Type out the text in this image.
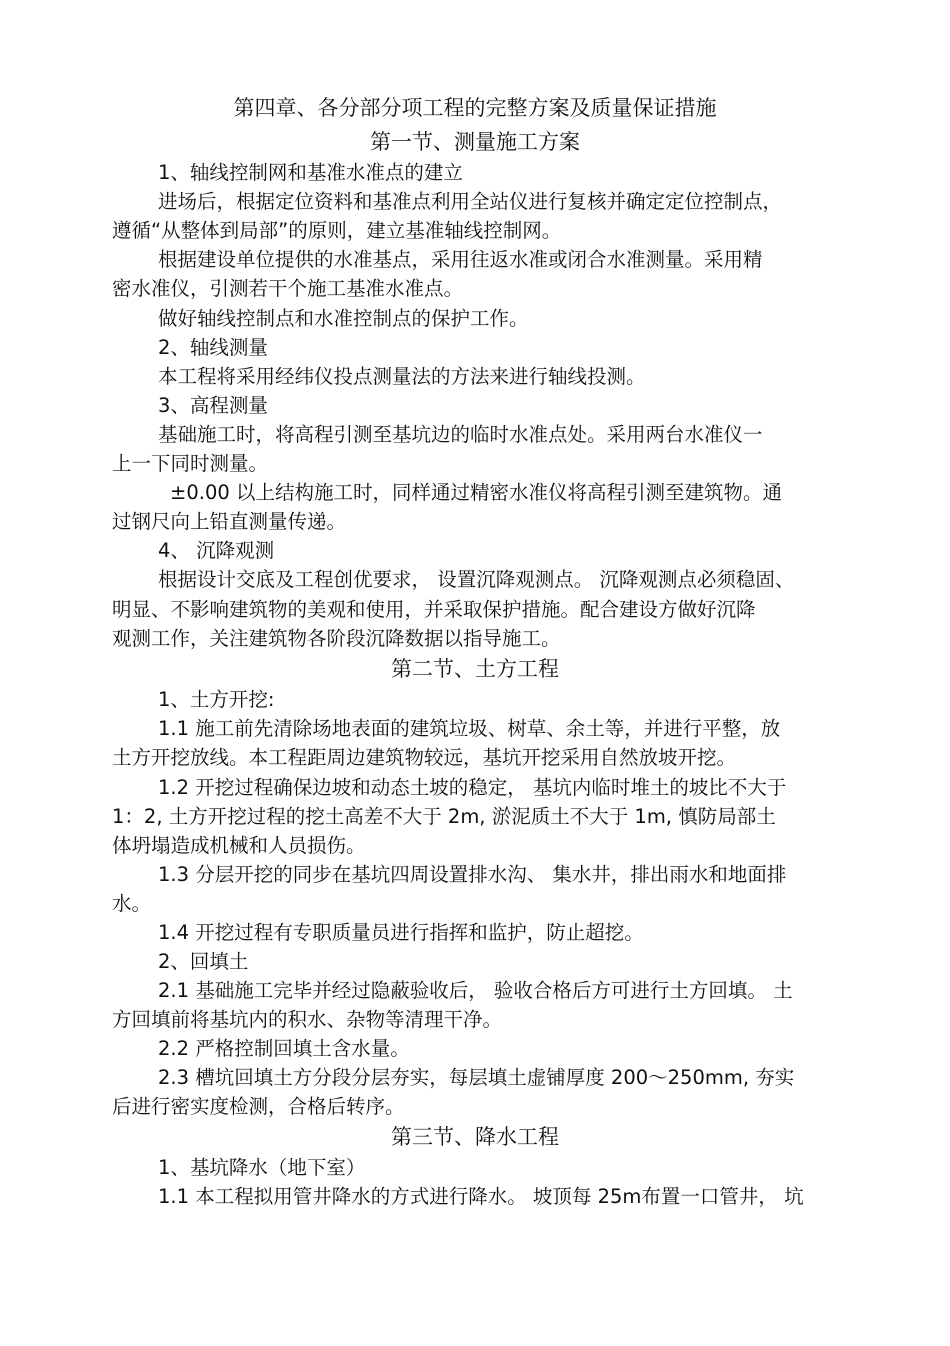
第四章、各分部分项工程的完整方案及质量保证措施
第一节、测量施工方案
1、轴线控制网和基准水准点的建立
进场后，根据定位资料和基准点利用全站仪进行复核并确定定位控制点，
遵循“从整体到局部”的原则，建立基准轴线控制网。
根据建设单位提供的水准基点，采用往返水准或闭合水准测量。采用精
密水准仪，引测若干个施工基准水准点。
做好轴线控制点和水准控制点的保护工作。
2、轴线测量
本工程将采用经纬仪投点测量法的方法来进行轴线投测。
3、高程测量
基础施工时，将高程引测至基坑边的临时水准点处。采用两台水准仪一
上一下同时测量。
±0.00 以上结构施工时，同样通过精密水准仪将高程引测至建筑物。通
过钢尺向上铅直测量传递。
4、 沉降观测
根据设计交底及工程创优要求， 设置沉降观测点。 沉降观测点必须稳固、
明显、不影响建筑物的美观和使用，并采取保护措施。配合建设方做好沉降
观测工作，关注建筑物各阶段沉降数据以指导施工。
第二节、土方工程
1、土方开挖:
1.1 施工前先清除场地表面的建筑垃圾、树草、余土等，并进行平整，放
土方开挖放线。本工程距周边建筑物较远，基坑开挖采用自然放坡开挖。
1.2 开挖过程确保边坡和动态土坡的稳定， 基坑内临时堆土的坡比不大于
1：2, 土方开挖过程的挖土高差不大于 2m, 淤泥质土不大于 1m, 慎防局部土
体坍塌造成机械和人员损伤。
1.3 分层开挖的同步在基坑四周设置排水沟、 集水井，排出雨水和地面排
水。
1.4 开挖过程有专职质量员进行指挥和监护，防止超挖。
2、回填土
2.1 基础施工完毕并经过隐蔽验收后， 验收合格后方可进行土方回填。 土
方回填前将基坑内的积水、杂物等清理干净。
2.2 严格控制回填土含水量。
2.3 槽坑回填土方分段分层夯实，每层填土虚铺厚度 200～250mm, 夯实
后进行密实度检测，合格后转序。
第三节、降水工程
1、基坑降水（地下室）
1.1 本工程拟用管井降水的方式进行降水。 坡顶每 25m布置一口管井， 坑
